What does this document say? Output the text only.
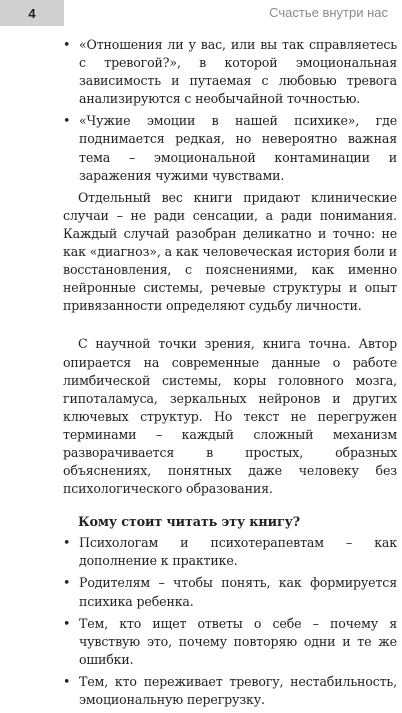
4	Счастье внутри нас
• «Отношения ли у вас, или вы так справляетесь с тревогой?», в которой эмоциональная зависимость и путаемая с любовью тревога анализируются с необычайной точностью.
• «Чужие эмоции в нашей психике», где поднимается редкая, но невероятно важная тема – эмоциональной контаминации и заражения чужими чувствами.

Отдельный вес книги придают клинические случаи – не ради сенсации, а ради понимания. Каждый случай разобран деликатно и точно: не как «диагноз», а как человеческая история боли и восстановления, с пояснениями, как именно нейронные системы, речевые структуры и опыт привязанности определяют судьбу личности.

С научной точки зрения, книга точна. Автор опирается на современные данные о работе лимбической системы, коры головного мозга, гипоталамуса, зеркальных нейронов и других ключевых структур. Но текст не перегружен терминами – каждый сложный механизм разворачивается в простых, образных объяснениях, понятных даже человеку без психологического образования.

Кому стоит читать эту книгу?
• Психологам и психотерапевтам – как дополнение к практике.
• Родителям – чтобы понять, как формируется психика ребенка.
• Тем, кто ищет ответы о себе – почему я чувствую это, почему повторяю одни и те же ошибки.
• Тем, кто переживает тревогу, нестабильность, эмоциональную перегрузку.
